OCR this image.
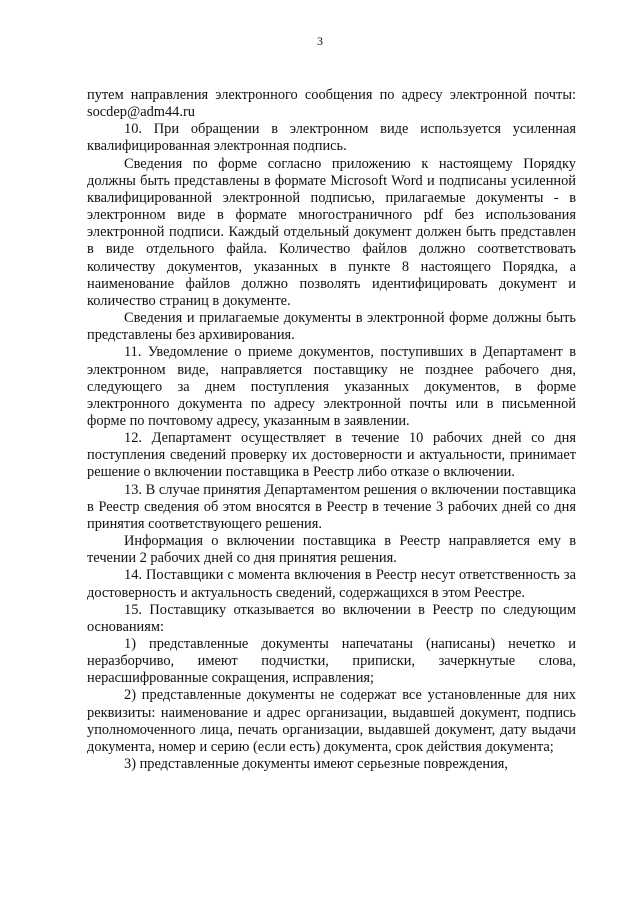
3

путем направления электронного сообщения по адресу электронной почты: socdep@adm44.ru

10. При обращении в электронном виде используется усиленная квалифицированная электронная подпись.

Сведения по форме согласно приложению к настоящему Порядку должны быть представлены в формате Microsoft Word и подписаны усиленной квалифицированной электронной подписью, прилагаемые документы - в электронном виде в формате многостраничного pdf без использования электронной подписи. Каждый отдельный документ должен быть представлен в виде отдельного файла. Количество файлов должно соответствовать количеству документов, указанных в пункте 8 настоящего Порядка, а наименование файлов должно позволять идентифицировать документ и количество страниц в документе.

Сведения и прилагаемые документы в электронной форме должны быть представлены без архивирования.

11. Уведомление о приеме документов, поступивших в Департамент в электронном виде, направляется поставщику не позднее рабочего дня, следующего за днем поступления указанных документов, в форме электронного документа по адресу электронной почты или в письменной форме по почтовому адресу, указанным в заявлении.

12. Департамент осуществляет в течение 10 рабочих дней со дня поступления сведений проверку их достоверности и актуальности, принимает решение о включении поставщика в Реестр либо отказе о включении.

13. В случае принятия Департаментом решения о включении поставщика в Реестр сведения об этом вносятся в Реестр в течение 3 рабочих дней со дня принятия соответствующего решения.

Информация о включении поставщика в Реестр направляется ему в течении 2 рабочих дней со дня принятия решения.

14. Поставщики с момента включения в Реестр несут ответственность за достоверность и актуальность сведений, содержащихся в этом Реестре.

15. Поставщику отказывается во включении в Реестр по следующим основаниям:

1) представленные документы напечатаны (написаны) нечетко и неразборчиво, имеют подчистки, приписки, зачеркнутые слова, нерасшифрованные сокращения, исправления;

2) представленные документы не содержат все установленные для них реквизиты: наименование и адрес организации, выдавшей документ, подпись уполномоченного лица, печать организации, выдавшей документ, дату выдачи документа, номер и серию (если есть) документа, срок действия документа;

3) представленные документы имеют серьезные повреждения,
